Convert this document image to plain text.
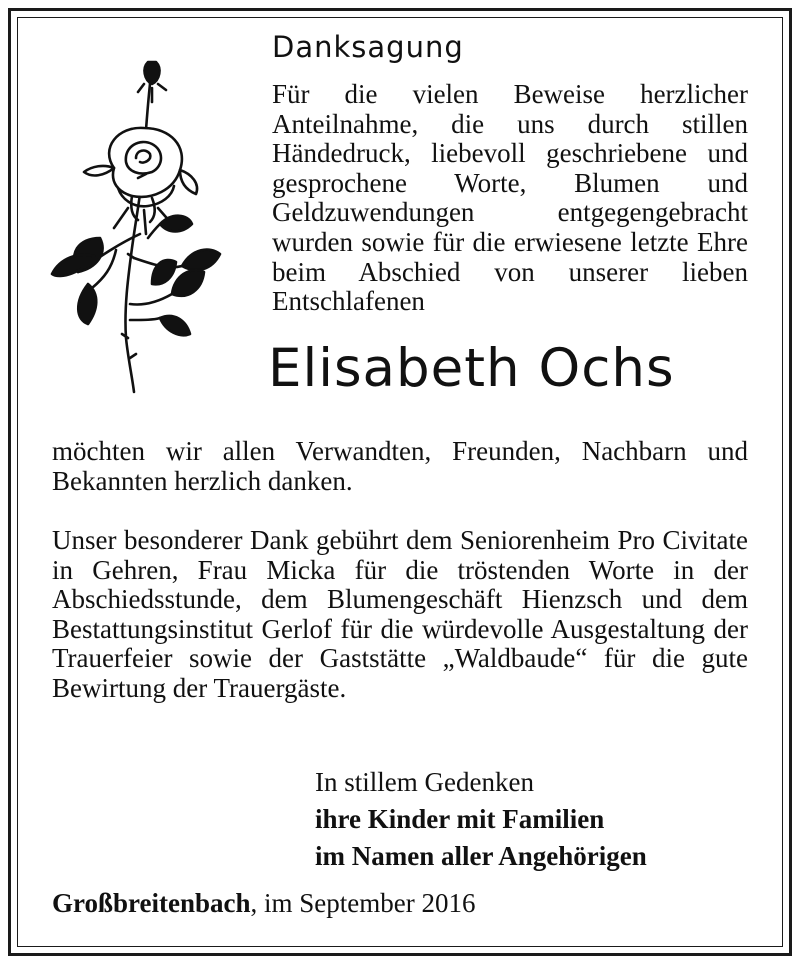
Danksagung
Für die vielen Beweise herzlicher Anteilnahme, die uns durch stillen Händedruck, liebevoll geschriebene und gesprochene Worte, Blumen und Geldzuwendungen entgegengebracht wurden sowie für die erwiesene letzte Ehre beim Abschied von unserer lieben Entschlafenen
Elisabeth Ochs
möchten wir allen Verwandten, Freunden, Nachbarn und Bekannten herzlich danken.
Unser besonderer Dank gebührt dem Seniorenheim Pro Civitate in Gehren, Frau Micka für die tröstenden Worte in der Abschiedsstunde, dem Blumengeschäft Hienzsch und dem Bestattungsinstitut Gerlof für die würdevolle Ausgestaltung der Trauerfeier sowie der Gaststätte „Waldbaude“ für die gute Bewirtung der Trauergäste.
In stillem Gedenken
ihre Kinder mit Familien
im Namen aller Angehörigen
Großbreitenbach, im September 2016
